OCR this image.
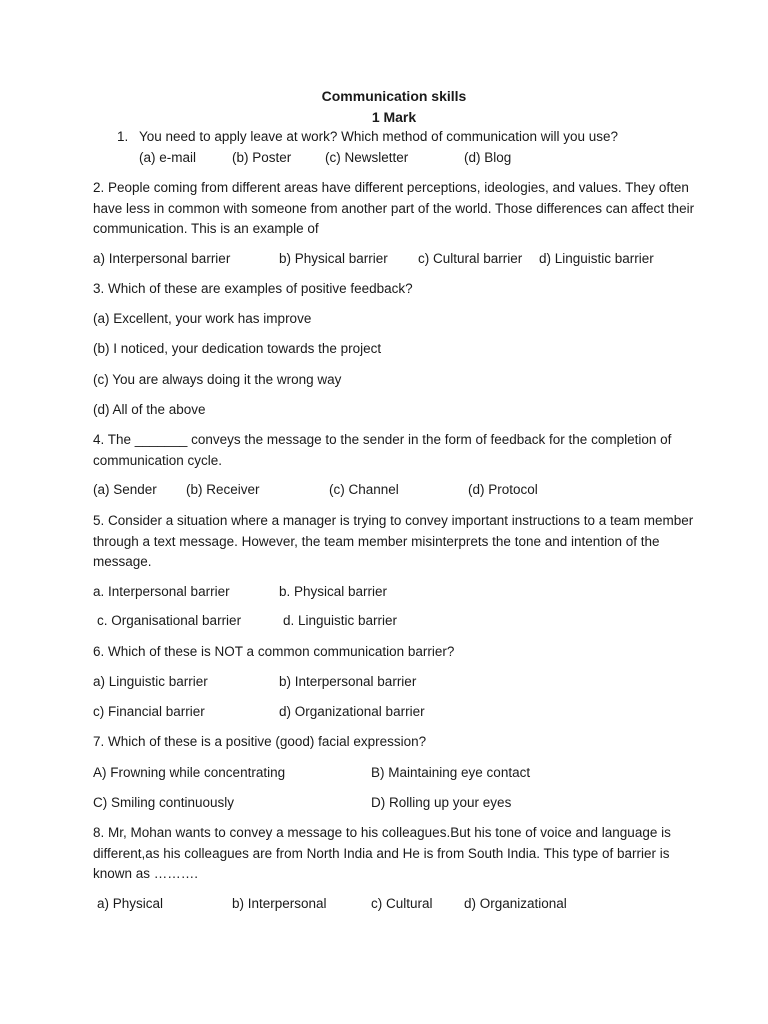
Communication skills
1 Mark
1. You need to apply leave at work? Which method of communication will you use?
(a) e-mail	(b) Poster (c) Newsletter	(d) Blog
2. People coming from different areas have different perceptions, ideologies, and values. They often have less in common with someone from another part of the world. Those differences can affect their communication. This is an example of
a) Interpersonal barrier	b) Physical barrier c) Cultural barrier d) Linguistic barrier
3. Which of these are examples of positive feedback?
(a) Excellent, your work has improve
(b) I noticed, your dedication towards the project
(c) You are always doing it the wrong way
(d) All of the above
4. The _______ conveys the message to the sender in the form of feedback for the completion of communication cycle.
(a) Sender (b) Receiver	(c) Channel	(d) Protocol
5. Consider a situation where a manager is trying to convey important instructions to a team member through a text message. However, the team member misinterprets the tone and intention of the message.
a. Interpersonal barrier	b. Physical barrier
c. Organisational barrier	d. Linguistic barrier
6. Which of these is NOT a common communication barrier?
a) Linguistic barrier	b) Interpersonal barrier
c) Financial barrier	d) Organizational barrier
7. Which of these is a positive (good) facial expression?
A) Frowning while concentrating	B) Maintaining eye contact
C) Smiling continuously	D) Rolling up your eyes
8. Mr, Mohan wants to convey a message to his colleagues.But his tone of voice and language is different,as his colleagues are from North India and He is from South India. This type of barrier is known as ……….
a) Physical	b) Interpersonal	c) Cultural d) Organizational
